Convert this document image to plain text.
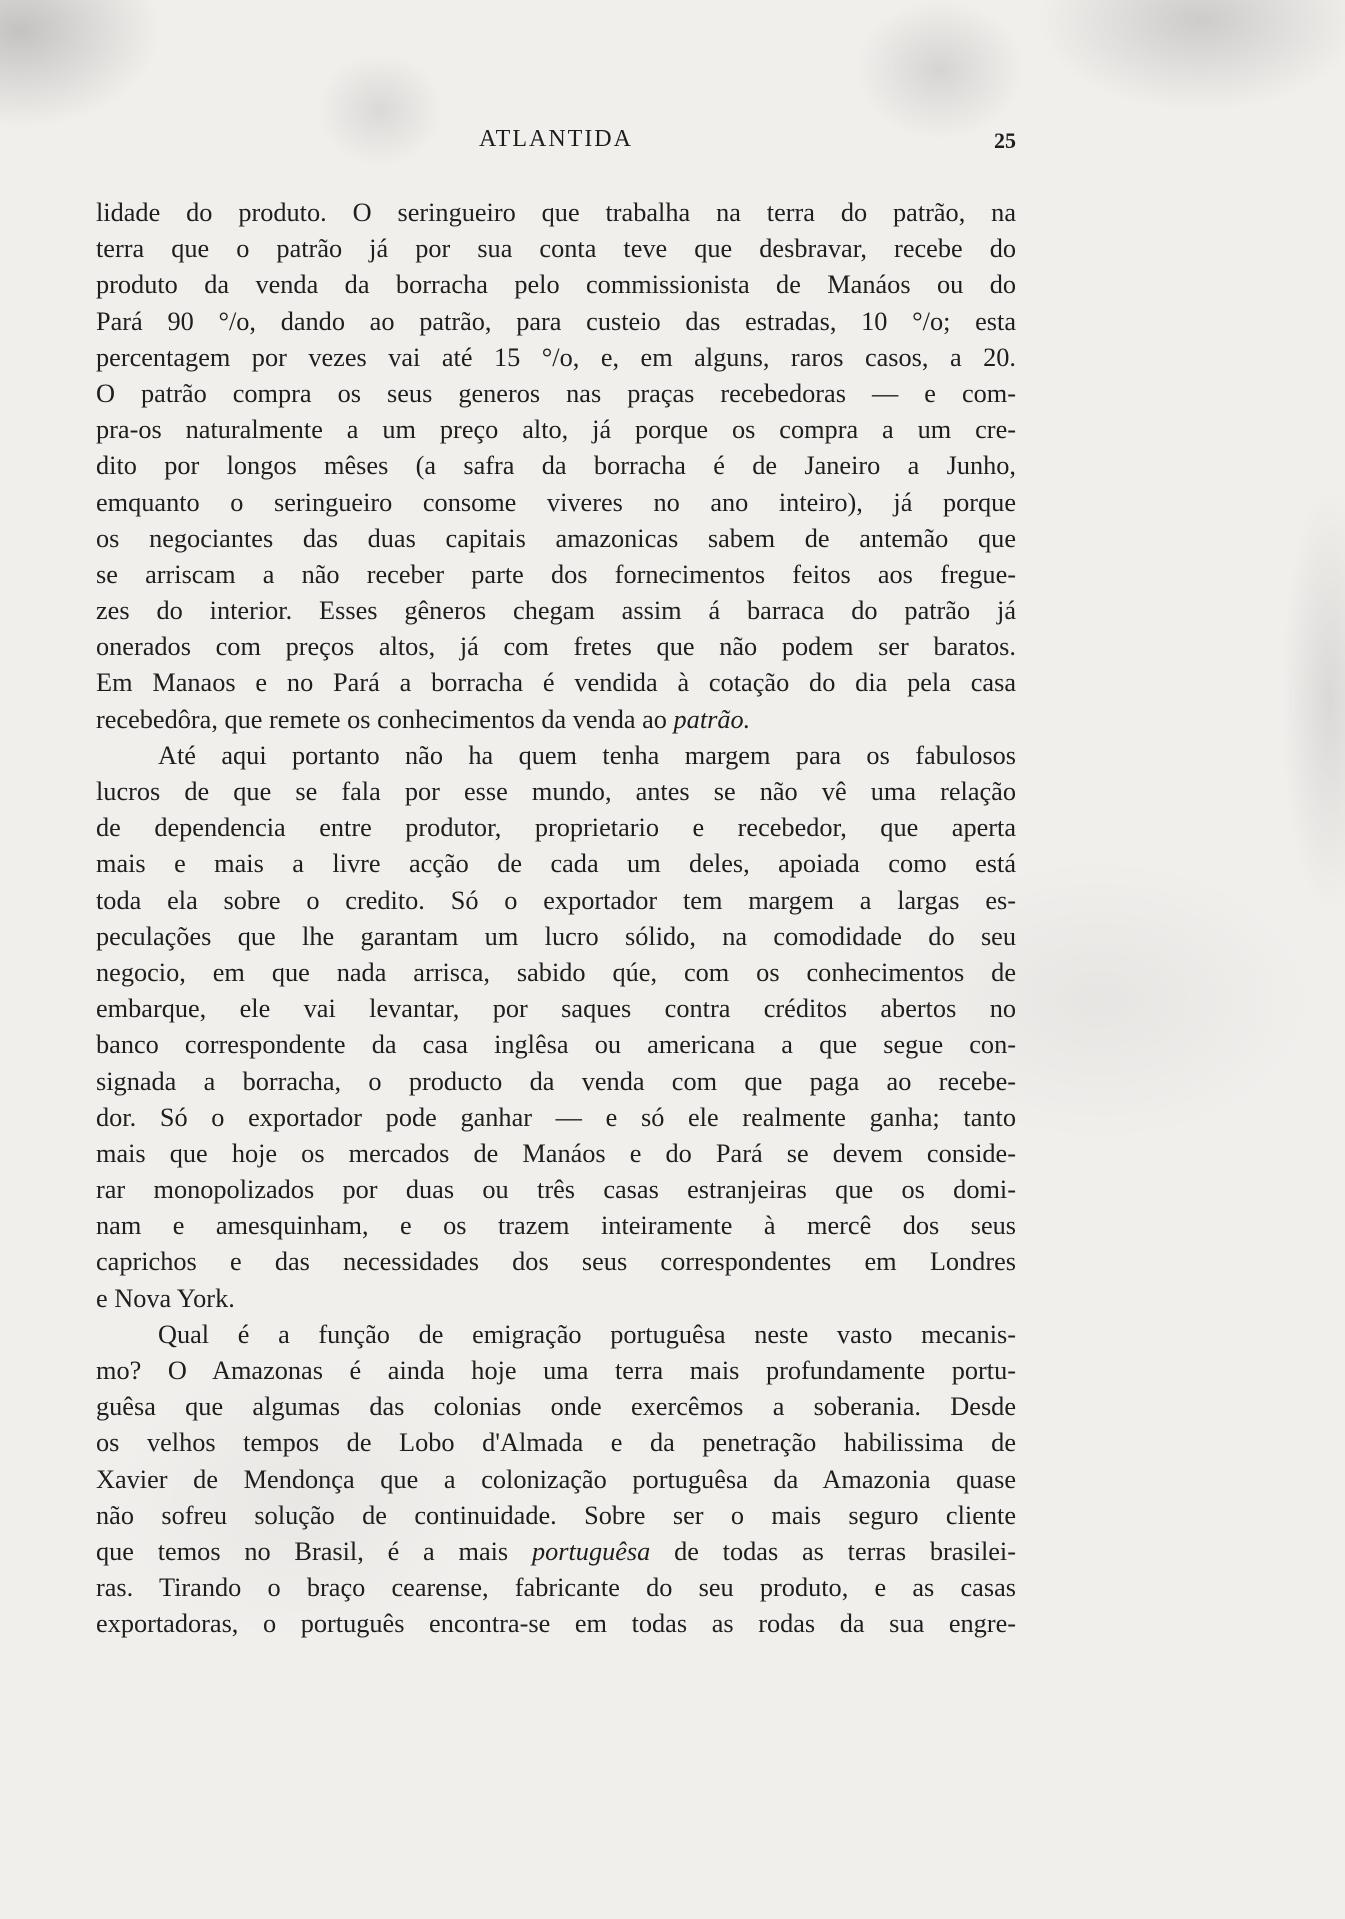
ATLANTIDA	25
lidade do produto. O seringueiro que trabalha na terra do patrão, na
terra que o patrão já por sua conta teve que desbravar, recebe do
produto da venda da borracha pelo commissionista de Manáos ou do
Pará 90 °/o, dando ao patrão, para custeio das estradas, 10 °/o; esta
percentagem por vezes vai até 15 °/o, e, em alguns, raros casos, a 20.
O patrão compra os seus generos nas praças recebedoras — e com-
pra-os naturalmente a um preço alto, já porque os compra a um cre-
dito por longos mêses (a safra da borracha é de Janeiro a Junho,
emquanto o seringueiro consome viveres no ano inteiro), já porque
os negociantes das duas capitais amazonicas sabem de antemão que
se arriscam a não receber parte dos fornecimentos feitos aos fregue-
zes do interior. Esses gêneros chegam assim á barraca do patrão já
onerados com preços altos, já com fretes que não podem ser baratos.
Em Manaos e no Pará a borracha é vendida à cotação do dia pela casa
recebedôra, que remete os conhecimentos da venda ao patrão.
Até aqui portanto não ha quem tenha margem para os fabulosos
lucros de que se fala por esse mundo, antes se não vê uma relação
de dependencia entre produtor, proprietario e recebedor, que aperta
mais e mais a livre acção de cada um deles, apoiada como está
toda ela sobre o credito. Só o exportador tem margem a largas es-
peculações que lhe garantam um lucro sólido, na comodidade do seu
negocio, em que nada arrisca, sabido qúe, com os conhecimentos de
embarque, ele vai levantar, por saques contra créditos abertos no
banco correspondente da casa inglêsa ou americana a que segue con-
signada a borracha, o producto da venda com que paga ao recebe-
dor. Só o exportador pode ganhar — e só ele realmente ganha; tanto
mais que hoje os mercados de Manáos e do Pará se devem conside-
rar monopolizados por duas ou três casas estranjeiras que os domi-
nam e amesquinham, e os trazem inteiramente à mercê dos seus
caprichos e das necessidades dos seus correspondentes em Londres
e Nova York.
Qual é a função de emigração portuguêsa neste vasto mecanis-
mo? O Amazonas é ainda hoje uma terra mais profundamente portu-
guêsa que algumas das colonias onde exercêmos a soberania. Desde
os velhos tempos de Lobo d'Almada e da penetração habilissima de
Xavier de Mendonça que a colonização portuguêsa da Amazonia quase
não sofreu solução de continuidade. Sobre ser o mais seguro cliente
que temos no Brasil, é a mais portuguêsa de todas as terras brasilei-
ras. Tirando o braço cearense, fabricante do seu produto, e as casas
exportadoras, o português encontra-se em todas as rodas da sua engre-
